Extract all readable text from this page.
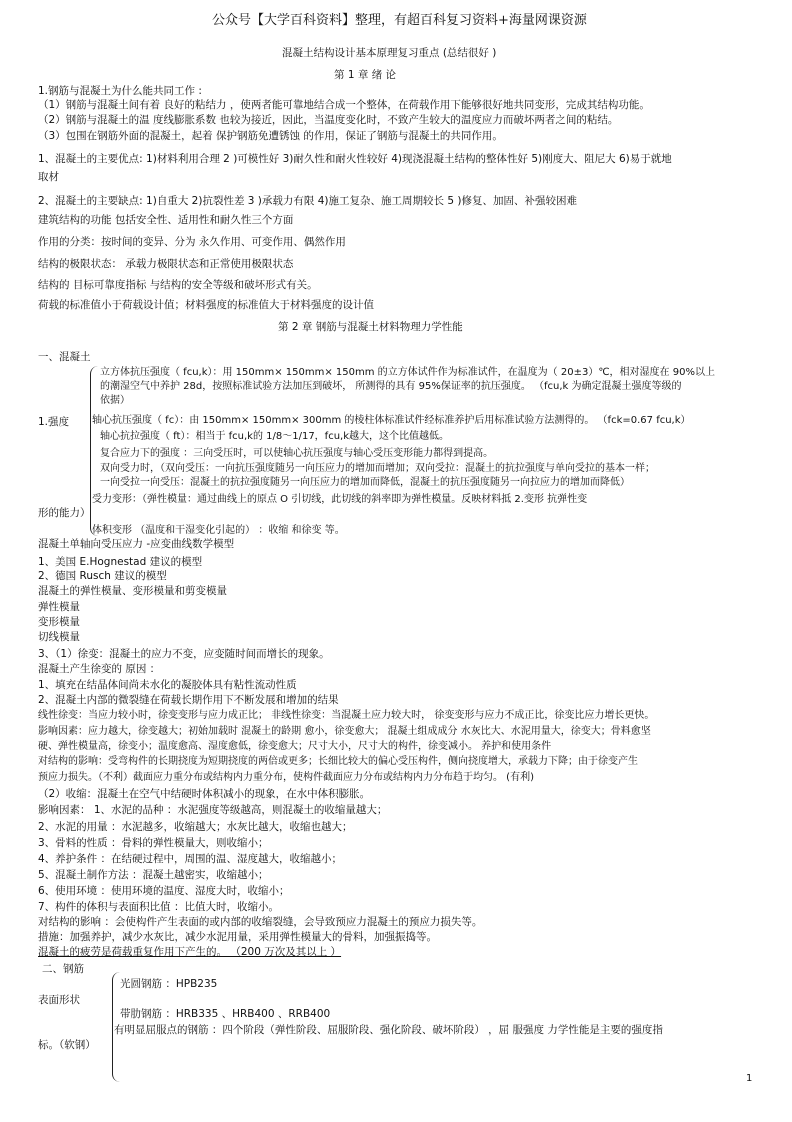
公众号【大学百科资料】整理，有超百科复习资料+海量网课资源
混凝土结构设计基本原理复习重点 (总结很好 )
第 1 章 绪 论
1.钢筋与混凝土为什么能共同工作 :
（1）钢筋与混凝土间有着 良好的粘结力 ，使两者能可靠地结合成一个整体，在荷载作用下能够很好地共同变形，完成其结构功能。
（2）钢筋与混凝土的温 度线膨胀系数 也较为接近，因此，当温度变化时，不致产生较大的温度应力而破坏两者之间的粘结。
（3）包围在钢筋外面的混凝土，起着 保护钢筋免遭锈蚀 的作用，保证了钢筋与混凝土的共同作用。
1、混凝土的主要优点: 1)材料利用合理 2 )可模性好 3)耐久性和耐火性较好 4)现浇混凝土结构的整体性好 5)刚度大、阻尼大 6)易于就地
取材
2、混凝土的主要缺点: 1)自重大 2)抗裂性差 3 )承载力有限 4)施工复杂、施工周期较长 5 )修复、加固、补强较困难
建筑结构的功能 包括安全性、适用性和耐久性三个方面
作用的分类：按时间的变异、分为 永久作用、可变作用、偶然作用
结构的极限状态： 承载力极限状态和正常使用极限状态
结构的 目标可靠度指标 与结构的安全等级和破坏形式有关。
荷载的标准值小于荷载设计值；材料强度的标准值大于材料强度的设计值
第 2 章 钢筋与混凝土材料物理力学性能
一、混凝土
1.强度
立方体抗压强度（ fcu,k）：用 150mm× 150mm× 150mm 的立方体试件作为标准试件，在温度为（ 20±3）℃，相对湿度在 90%以上
的潮湿空气中养护 28d，按照标准试验方法加压到破坏， 所测得的具有 95%保证率的抗压强度。 （fcu,k 为确定混凝土强度等级的
依据）
轴心抗压强度（ fc）：由 150mm× 150mm× 300mm 的棱柱体标准试件经标准养护后用标准试验方法测得的。 （fck=0.67 fcu,k）
轴心抗拉强度（ ft）：相当于 fcu,k的 1/8～1/17，fcu,k越大，这个比值越低。
复合应力下的强度 ：三向受压时，可以使轴心抗压强度与轴心受压变形能力都得到提高。
双向受力时，（双向受压：一向抗压强度随另一向压应力的增加而增加；双向受拉：混凝土的抗拉强度与单向受拉的基本一样；
一向受拉一向受压：混凝土的抗拉强度随另一向压应力的增加而降低，混凝土的抗压强度随另一向拉应力的增加而降低）
受力变形：（弹性模量：通过曲线上的原点 O 引切线，此切线的斜率即为弹性模量。反映材料抵 2.变形 抗弹性变
形的能力）
体积变形 （温度和干湿变化引起的） ：收缩 和徐变 等。
混凝土单轴向受压应力 -应变曲线数学模型
1、美国 E.Hognestad 建议的模型
2、德国 Rusch 建议的模型
混凝土的弹性模量、变形模量和剪变模量
弹性模量
变形模量
切线模量
3、（1）徐变：混凝土的应力不变，应变随时间而增长的现象。
混凝土产生徐变的 原因 ：
1、填充在结晶体间尚未水化的凝胶体具有粘性流动性质
2、混凝土内部的微裂缝在荷载长期作用下不断发展和增加的结果
线性徐变：当应力较小时，徐变变形与应力成正比； 非线性徐变：当混凝土应力较大时， 徐变变形与应力不成正比，徐变比应力增长更快。
影响因素：应力越大，徐变越大；初始加载时 混凝土的龄期 愈小，徐变愈大； 混凝土组成成分 水灰比大、水泥用量大，徐变大；骨料愈坚
硬、弹性模量高，徐变小；温度愈高、湿度愈低，徐变愈大；尺寸大小，尺寸大的构件，徐变减小。 养护和使用条件
对结构的影响：受弯构件的长期挠度为短期挠度的两倍或更多；长细比较大的偏心受压构件，侧向挠度增大，承载力下降；由于徐变产生
预应力损失。（不利）截面应力重分布或结构内力重分布，使构件截面应力分布或结构内力分布趋于均匀。 (有利)
（2）收缩：混凝土在空气中结硬时体积减小的现象，在水中体积膨胀。
影响因素： 1、水泥的品种 ：水泥强度等级越高，则混凝土的收缩量越大；
2、水泥的用量 ：水泥越多，收缩越大；水灰比越大，收缩也越大；
3、骨料的性质 ：骨料的弹性模量大，则收缩小；
4、养护条件 ：在结硬过程中，周围的温、湿度越大，收缩越小；
5、混凝土制作方法 ：混凝土越密实，收缩越小；
6、使用环境 ：使用环境的温度、湿度大时，收缩小；
7、构件的体积与表面积比值 ：比值大时，收缩小。
对结构的影响 ：会使构件产生表面的或内部的收缩裂缝，会导致预应力混凝土的预应力损失等。
措施：加强养护，减少水灰比，减少水泥用量，采用弹性模量大的骨料，加强振捣等。
混凝土的疲劳是荷载重复作用下产生的。 （200 万次及其以上 ）
二、钢筋
表面形状
光圆钢筋 ：HPB235
带肋钢筋 ：HRB335 、HRB400 、RRB400
有明显屈服点的钢筋 ：四个阶段（弹性阶段、屈服阶段、强化阶段、破坏阶段） ，屈 服强度 力学性能是主要的强度指
标。（软钢）
1
